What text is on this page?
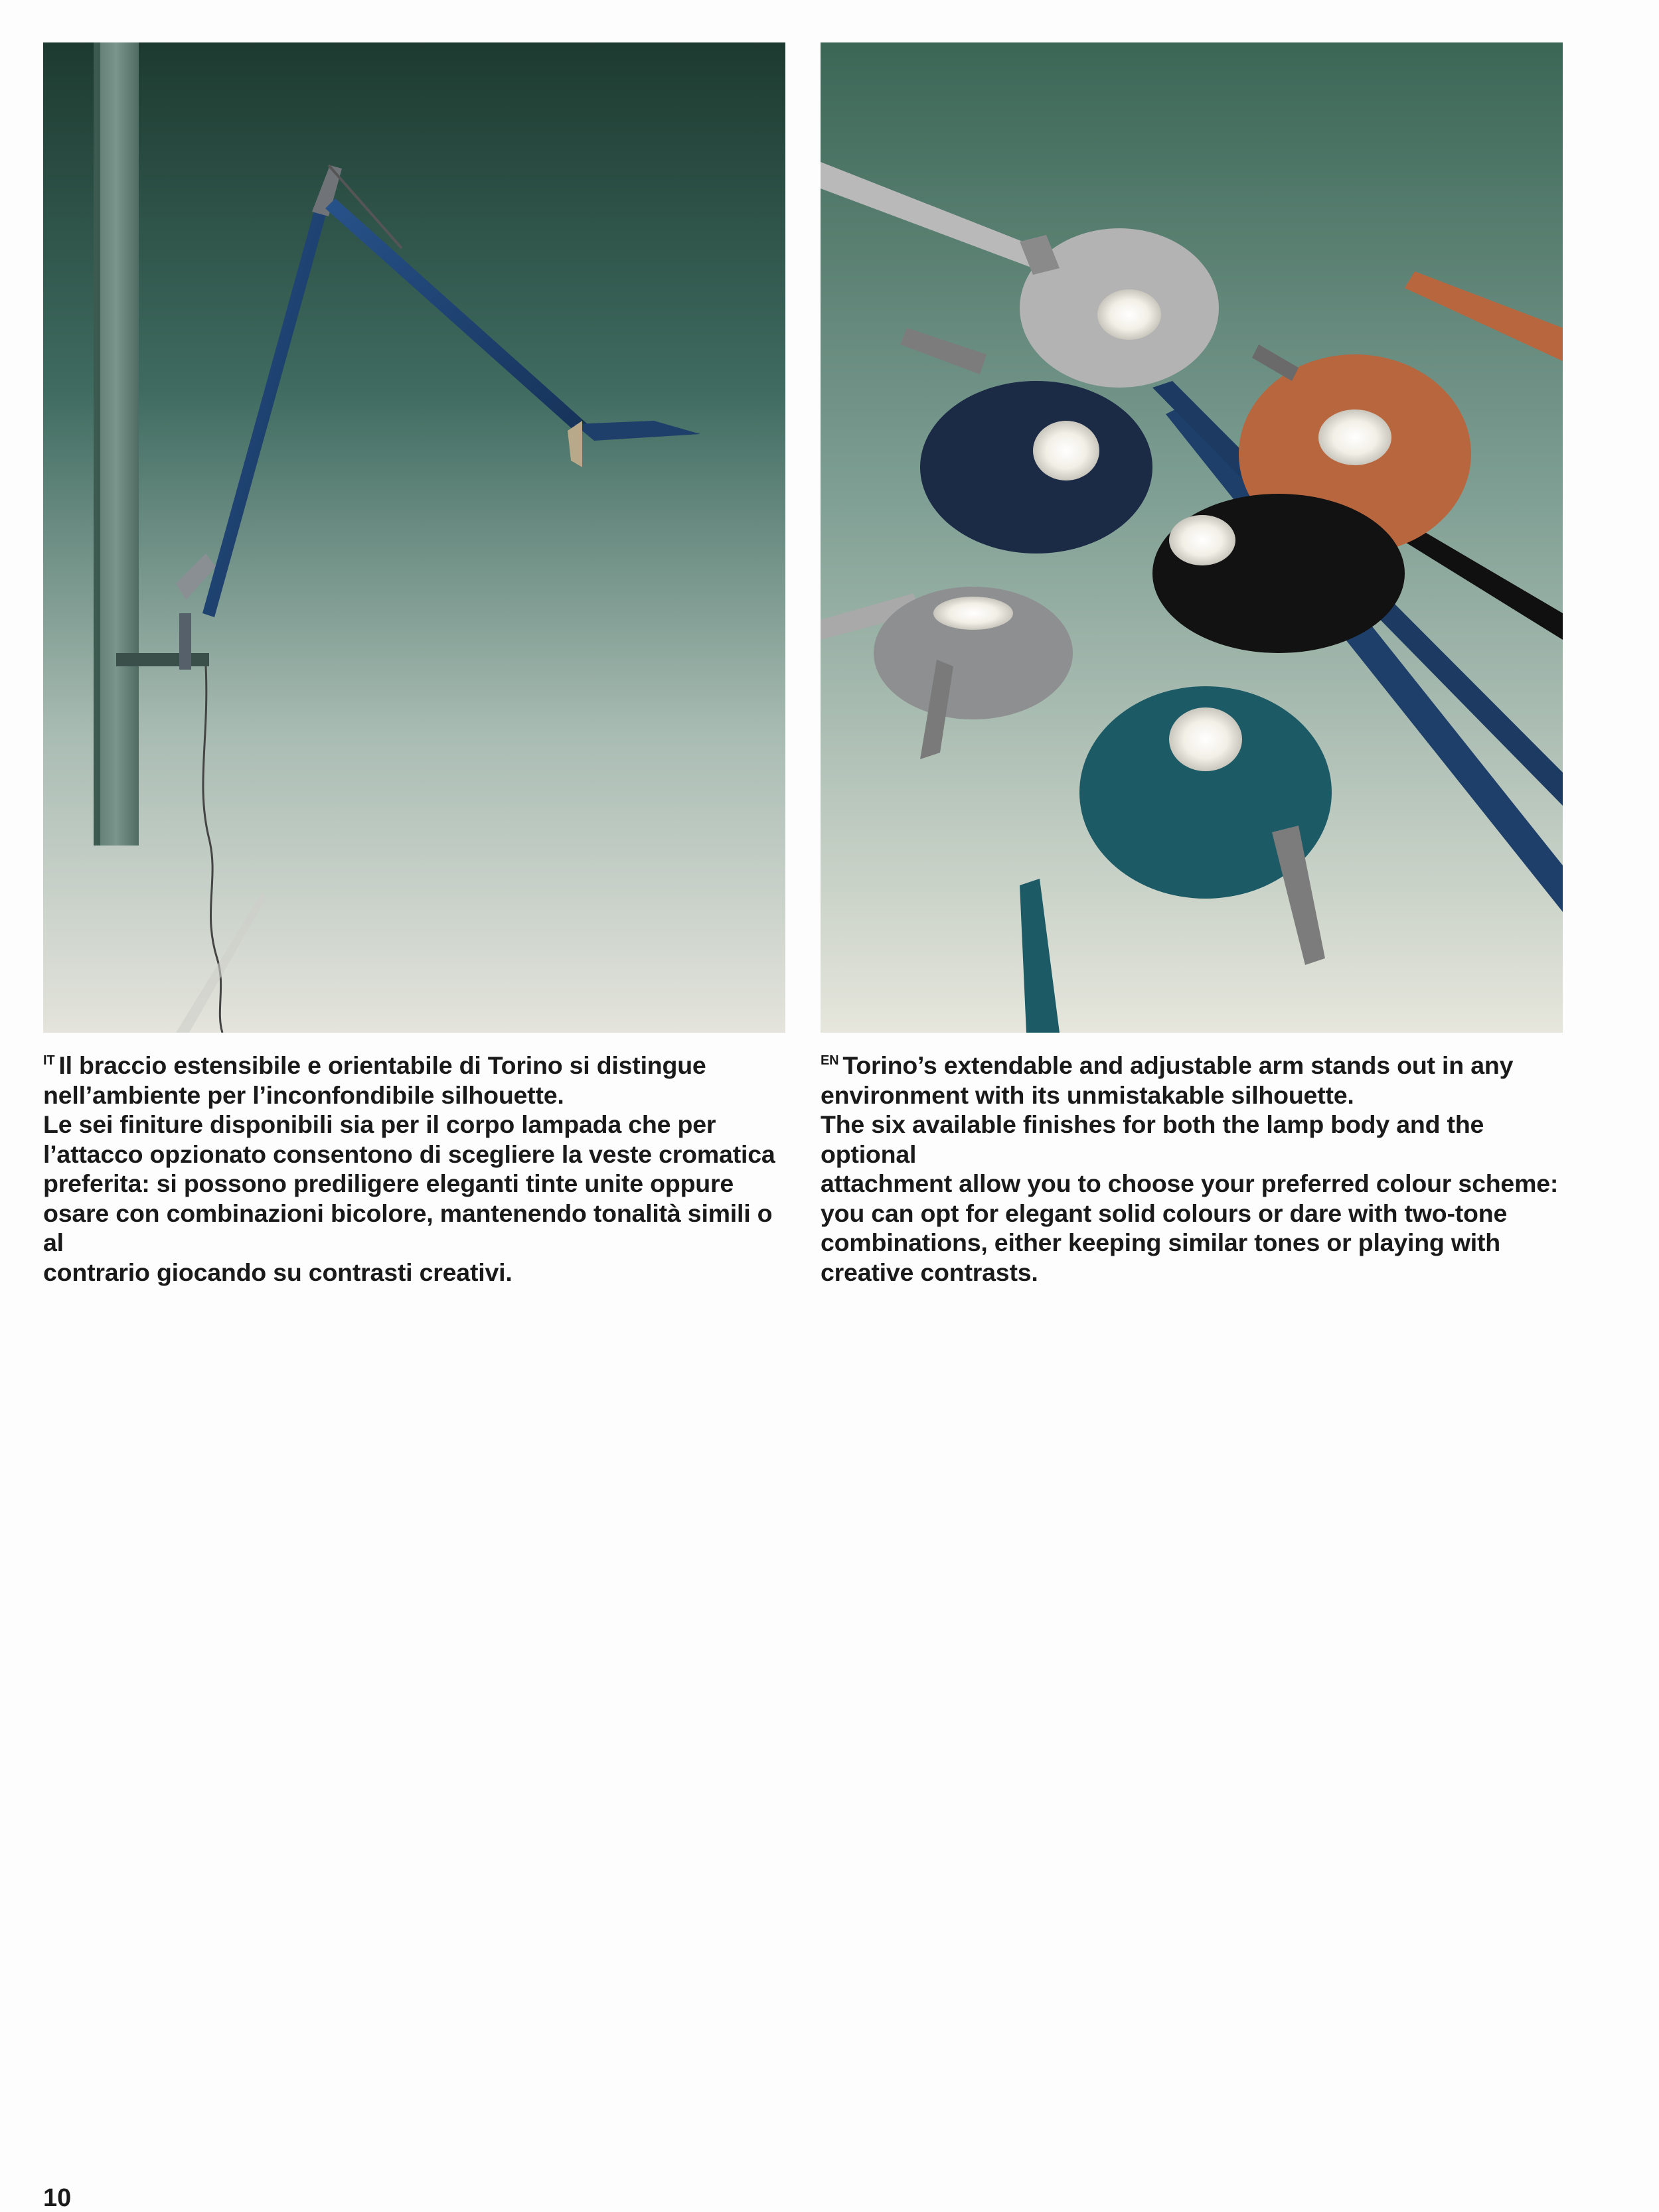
$^{IT}$ Il braccio estensibile e orientabile di Torino si distingue

nell’ambiente per l’inconfondibile silhouette.

Le sei finiture disponibili sia per il corpo lampada che per

l’attacco opzionato consentono di scegliere la veste cromatica

preferita: si possono prediligere eleganti tinte unite oppure

osare con combinazioni bicolore, mantenendo tonalità simili o al

contrario giocando su contrasti creativi.

$^{EN}$ Torino’s extendable and adjustable arm stands out in any

environment with its unmistakable silhouette.

The six available finishes for both the lamp body and the optional

attachment allow you to choose your preferred colour scheme:

you can opt for elegant solid colours or dare with two-tone

combinations, either keeping similar tones or playing with

creative contrasts.

10
